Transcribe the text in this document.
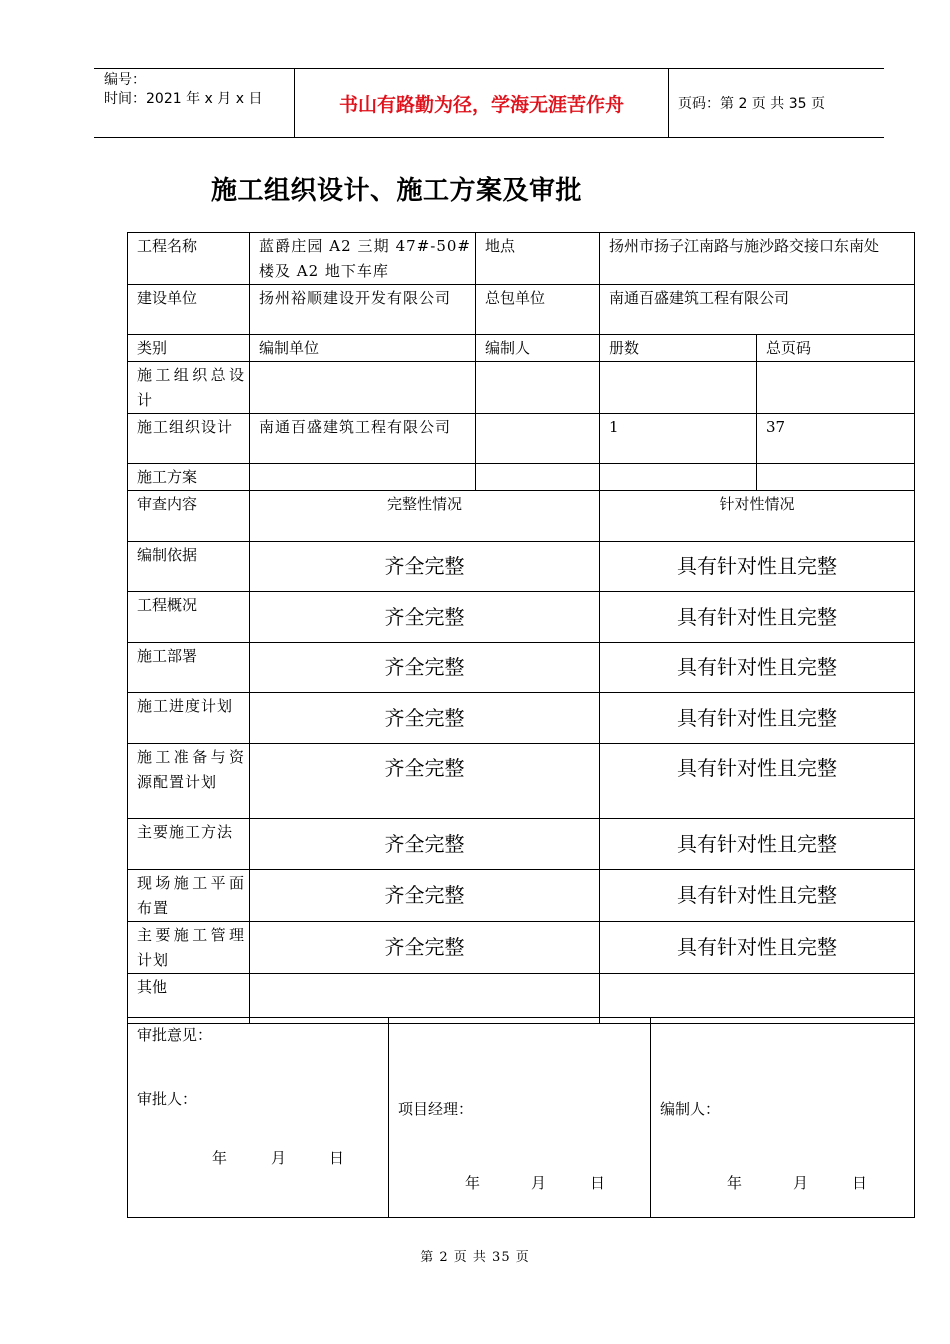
编号：
时间：2021 年 x 月 x 日	书山有路勤为径，学海无涯苦作舟	页码：第 2 页 共 35 页
施工组织设计、施工方案及审批
工程名称	蓝爵庄园 A2 三期 47#-50#楼及 A2 地下车库	地点	扬州市扬子江南路与施沙路交接口东南处	
建设单位	扬州裕顺建设开发有限公司	总包单位	南通百盛建筑工程有限公司	
类别	编制单位	编制人	册数	总页码
施工组织总设计				
施工组织设计	南通百盛建筑工程有限公司		1	37
施工方案				
审查内容	完整性情况		针对性情况	
编制依据	齐全完整		具有针对性且完整	
工程概况	齐全完整		具有针对性且完整	
施工部署	齐全完整		具有针对性且完整	
施工进度计划	齐全完整		具有针对性且完整	
施工准备与资源配置计划	齐全完整		具有针对性且完整	
主要施工方法	齐全完整		具有针对性且完整	
现场施工平面布置	齐全完整		具有针对性且完整	
主要施工管理计划	齐全完整		具有针对性且完整	
其他				
审批意见：
审批人：
年	月	日

项目经理：
年	月	日

编制人：
年	月	日
第 2 页 共 35 页
